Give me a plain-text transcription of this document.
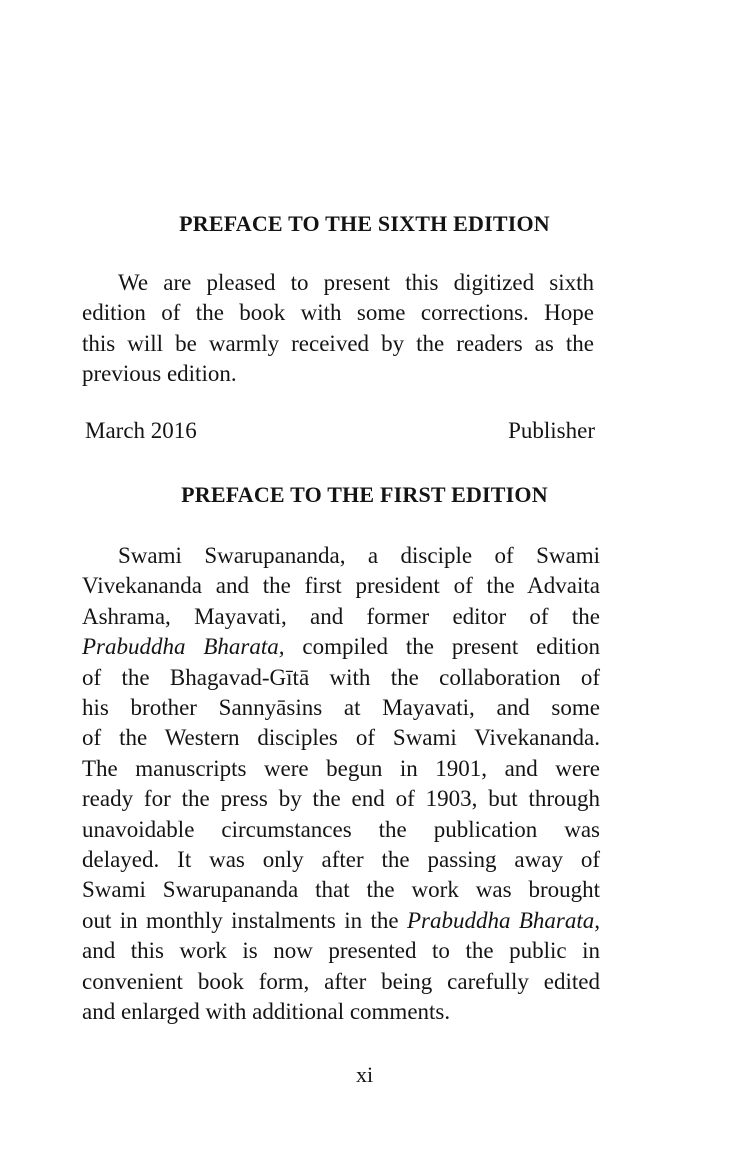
PREFACE TO THE SIXTH EDITION
We are pleased to present this digitized sixth
edition of the book with some corrections. Hope
this will be warmly received by the readers as the
previous edition.
March 2016	Publisher
PREFACE TO THE FIRST EDITION
Swami Swarupananda, a disciple of Swami
Vivekananda and the first president of the Advaita
Ashrama, Mayavati, and former editor of the
Prabuddha Bharata, compiled the present edition
of the Bhagavad-Gītā with the collaboration of
his brother Sannyāsins at Mayavati, and some
of the Western disciples of Swami Vivekananda.
The manuscripts were begun in 1901, and were
ready for the press by the end of 1903, but through
unavoidable circumstances the publication was
delayed. It was only after the passing away of
Swami Swarupananda that the work was brought
out in monthly instalments in the Prabuddha Bharata,
and this work is now presented to the public in
convenient book form, after being carefully edited
and enlarged with additional comments.
xi
